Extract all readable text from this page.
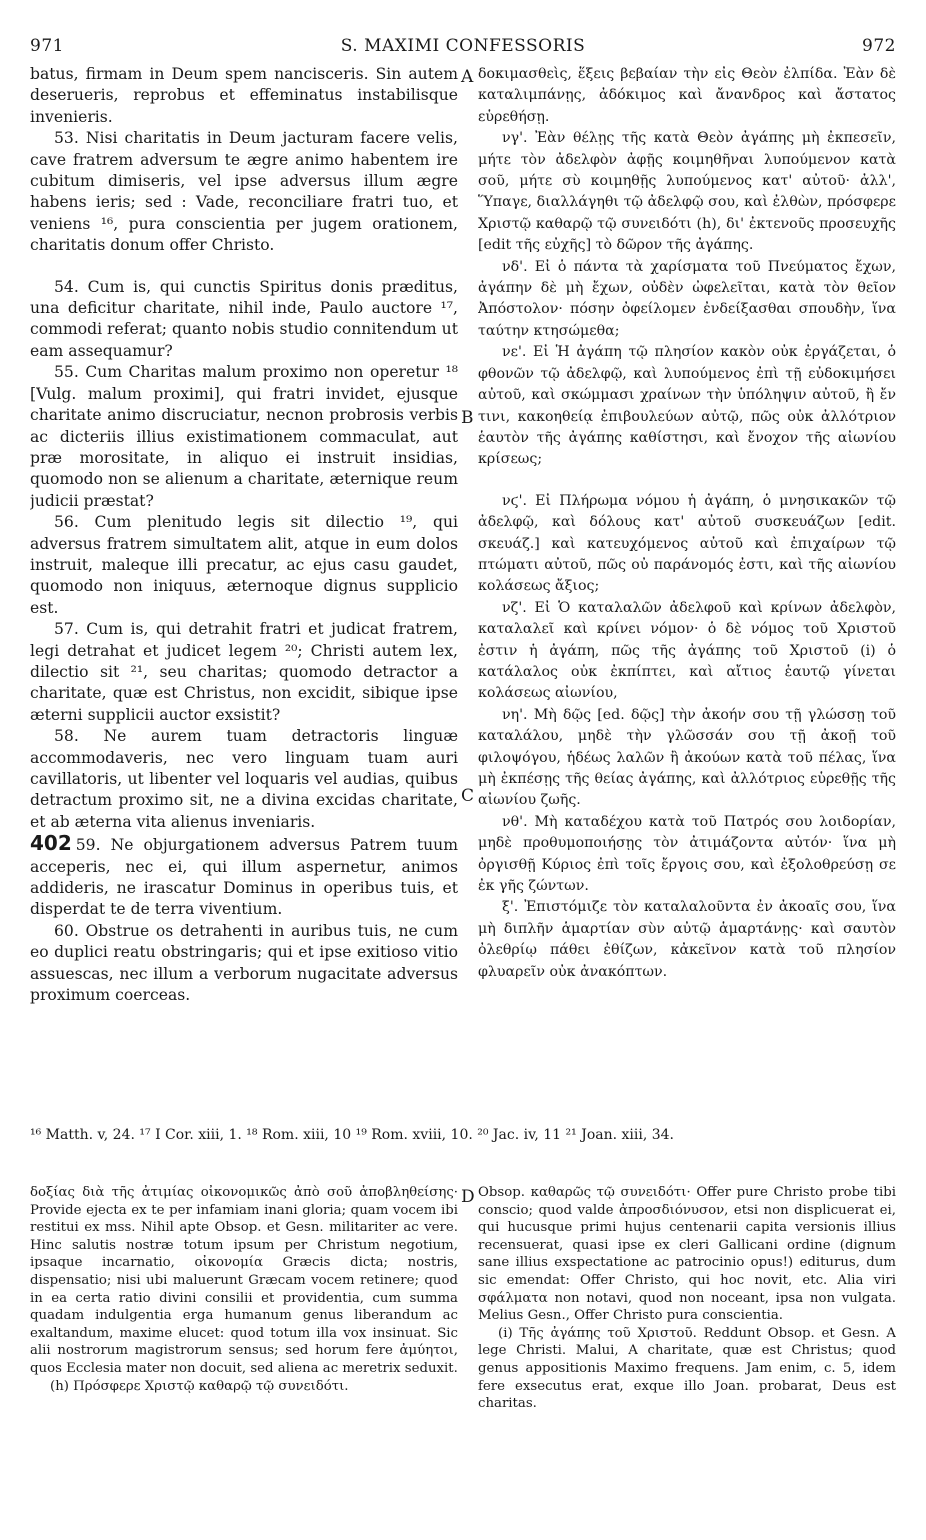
971	S. MAXIMI CONFESSORIS	972

batus, firmam in Deum spem nancisceris. Sin autem deserueris, reprobus et effeminatus instabilisque invenieris.

53. Nisi charitatis in Deum jacturam facere velis, cave fratrem adversum te ægre animo habentem ire cubitum dimiseris, vel ipse adversus illum ægre habens ieris; sed : Vade, reconciliare fratri tuo, et veniens ¹⁶, pura conscientia per jugem orationem, charitatis donum offer Christo.

54. Cum is, qui cunctis Spiritus donis præditus, una deficitur charitate, nihil inde, Paulo auctore ¹⁷, commodi referat; quanto nobis studio connitendum ut eam assequamur?

55. Cum Charitas malum proximo non operetur ¹⁸ [Vulg. malum proximi], qui fratri invidet, ejusque charitate animo discruciatur, necnon probrosis verbis ac dicteriis illius existimationem commaculat, aut præ morositate, in aliquo ei instruit insidias, quomodo non se alienum a charitate, æternique reum judicii præstat?

56. Cum plenitudo legis sit dilectio ¹⁹, qui adversus fratrem simultatem alit, atque in eum dolos instruit, maleque illi precatur, ac ejus casu gaudet, quomodo non iniquus, æternoque dignus supplicio est.

57. Cum is, qui detrahit fratri et judicat fratrem, legi detrahat et judicet legem ²⁰; Christi autem lex, dilectio sit ²¹, seu charitas; quomodo detractor a charitate, quæ est Christus, non excidit, sibique ipse æterni supplicii auctor exsistit?

58. Ne aurem tuam detractoris linguæ accommodaveris, nec vero linguam tuam auri cavillatoris, ut libenter vel loquaris vel audias, quibus detractum proximo sit, ne a divina excidas charitate, et ab æterna vita alienus inveniaris.

402 59. Ne objurgationem adversus Patrem tuum acceperis, nec ei, qui illum aspernetur, animos addideris, ne irascatur Dominus in operibus tuis, et disperdat te de terra viventium.

60. Obstrue os detrahenti in auribus tuis, ne cum eo duplici reatu obstringaris; qui et ipse exitioso vitio assuescas, nec illum a verborum nugacitate adversus proximum coerceas.

A
B
C
D

δοκιμασθεὶς, ἕξεις βεβαίαν τὴν εἰς Θεὸν ἐλπίδα. Ἐὰν δὲ καταλιμπάνῃς, ἀδόκιμος καὶ ἄνανδρος καὶ ἄστατος εὑρεθήσῃ.

νγ'. Ἐὰν θέλῃς τῆς κατὰ Θεὸν ἀγάπης μὴ ἐκπεσεῖν, μήτε τὸν ἀδελφὸν ἀφῇς κοιμηθῆναι λυπούμενον κατὰ σοῦ, μήτε σὺ κοιμηθῇς λυπούμενος κατ' αὐτοῦ· ἀλλ', Ὕπαγε, διαλλάγηθι τῷ ἀδελφῷ σου, καὶ ἐλθὼν, πρόσφερε Χριστῷ καθαρῷ τῷ συνειδότι (h), δι' ἐκτενοῦς προσευχῆς [edit τῆς εὐχῆς] τὸ δῶρον τῆς ἀγάπης.

νδ'. Εἰ ὁ πάντα τὰ χαρίσματα τοῦ Πνεύματος ἔχων, ἀγάπην δὲ μὴ ἔχων, οὐδὲν ὠφελεῖται, κατὰ τὸν θεῖον Ἀπόστολον· πόσην ὀφείλομεν ἐνδείξασθαι σπουδὴν, ἵνα ταύτην κτησώμεθα;

νε'. Εἰ Ἡ ἀγάπη τῷ πλησίον κακὸν οὐκ ἐργάζεται, ὁ φθονῶν τῷ ἀδελφῷ, καὶ λυπούμενος ἐπὶ τῇ εὐδοκιμήσει αὐτοῦ, καὶ σκώμμασι χραίνων τὴν ὑπόληψιν αὐτοῦ, ἢ ἔν τινι, κακοηθείᾳ ἐπιβουλεύων αὐτῷ, πῶς οὐκ ἀλλότριον ἑαυτὸν τῆς ἀγάπης καθίστησι, καὶ ἔνοχον τῆς αἰωνίου κρίσεως;

νϛ'. Εἰ Πλήρωμα νόμου ἡ ἀγάπη, ὁ μνησικακῶν τῷ ἀδελφῷ, καὶ δόλους κατ' αὐτοῦ συσκευάζων [edit. σκευάζ.] καὶ κατευχόμενος αὐτοῦ καὶ ἐπιχαίρων τῷ πτώματι αὐτοῦ, πῶς οὐ παράνομός ἐστι, καὶ τῆς αἰωνίου κολάσεως ἄξιος;

νζ'. Εἰ Ὁ καταλαλῶν ἀδελφοῦ καὶ κρίνων ἀδελφὸν, καταλαλεῖ καὶ κρίνει νόμον· ὁ δὲ νόμος τοῦ Χριστοῦ ἐστιν ἡ ἀγάπη, πῶς τῆς ἀγάπης τοῦ Χριστοῦ (i) ὁ κατάλαλος οὐκ ἐκπίπτει, καὶ αἴτιος ἑαυτῷ γίνεται κολάσεως αἰωνίου,

νη'. Μὴ δῷς [ed. δῷς] τὴν ἀκοήν σου τῇ γλώσσῃ τοῦ καταλάλου, μηδὲ τὴν γλῶσσάν σου τῇ ἀκοῇ τοῦ φιλοψόγου, ἡδέως λαλῶν ἢ ἀκούων κατὰ τοῦ πέλας, ἵνα μὴ ἐκπέσῃς τῆς θείας ἀγάπης, καὶ ἀλλότριος εὑρεθῇς τῆς αἰωνίου ζωῆς.

νθ'. Μὴ καταδέχου κατὰ τοῦ Πατρός σου λοιδορίαν, μηδὲ προθυμοποιήσῃς τὸν ἀτιμάζοντα αὐτόν· ἵνα μὴ ὀργισθῇ Κύριος ἐπὶ τοῖς ἔργοις σου, καὶ ἐξολοθρεύσῃ σε ἐκ γῆς ζώντων.

ξ'. Ἐπιστόμιζε τὸν καταλαλοῦντα ἐν ἀκοαῖς σου, ἵνα μὴ διπλῆν ἁμαρτίαν σὺν αὐτῷ ἁμαρτάνῃς· καὶ σαυτὸν ὀλεθρίῳ πάθει ἐθίζων, κἀκεῖνον κατὰ τοῦ πλησίον φλυαρεῖν οὐκ ἀνακόπτων.

¹⁶ Matth. v, 24. ¹⁷ I Cor. xiii, 1. ¹⁸ Rom. xiii, 10 ¹⁹ Rom. xviii, 10. ²⁰ Jac. iv, 11 ²¹ Joan. xiii, 34.

δοξίας διὰ τῆς ἀτιμίας οἰκονομικῶς ἀπὸ σοῦ ἀποβληθείσης· Provide ejecta ex te per infamiam inani gloria; quam vocem ibi restitui ex mss. Nihil apte Obsop. et Gesn. militariter ac vere. Hinc salutis nostræ totum ipsum per Christum negotium, ipsaque incarnatio, οἰκονομία Græcis dicta; nostris, dispensatio; nisi ubi maluerunt Græcam vocem retinere; quod in ea certa ratio divini consilii et providentia, cum summa quadam indulgentia erga humanum genus liberandum ac exaltandum, maxime elucet: quod totum illa vox insinuat. Sic alii nostrorum magistrorum sensus; sed horum fere ἀμύητοι, quos Ecclesia mater non docuit, sed aliena ac meretrix seduxit.

(h) Πρόσφερε Χριστῷ καθαρῷ τῷ συνειδότι.

Obsop. καθαρῶς τῷ συνειδότι· Offer pure Christo probe tibi conscio; quod valde ἀπροσδιόνυσον, etsi non displicuerat ei, qui hucusque primi hujus centenarii capita versionis illius recensuerat, quasi ipse ex cleri Gallicani ordine (dignum sane illius exspectatione ac patrocinio opus!) editurus, dum sic emendat: Offer Christo, qui hoc novit, etc. Alia viri σφάλματα non notavi, quod non noceant, ipsa non vulgata. Melius Gesn., Offer Christo pura conscientia.

(i) Τῆς ἀγάπης τοῦ Χριστοῦ. Reddunt Obsop. et Gesn. A lege Christi. Malui, A charitate, quæ est Christus; quod genus appositionis Maximo frequens. Jam enim, c. 5, idem fere exsecutus erat, exque illo Joan. probarat, Deus est charitas.
